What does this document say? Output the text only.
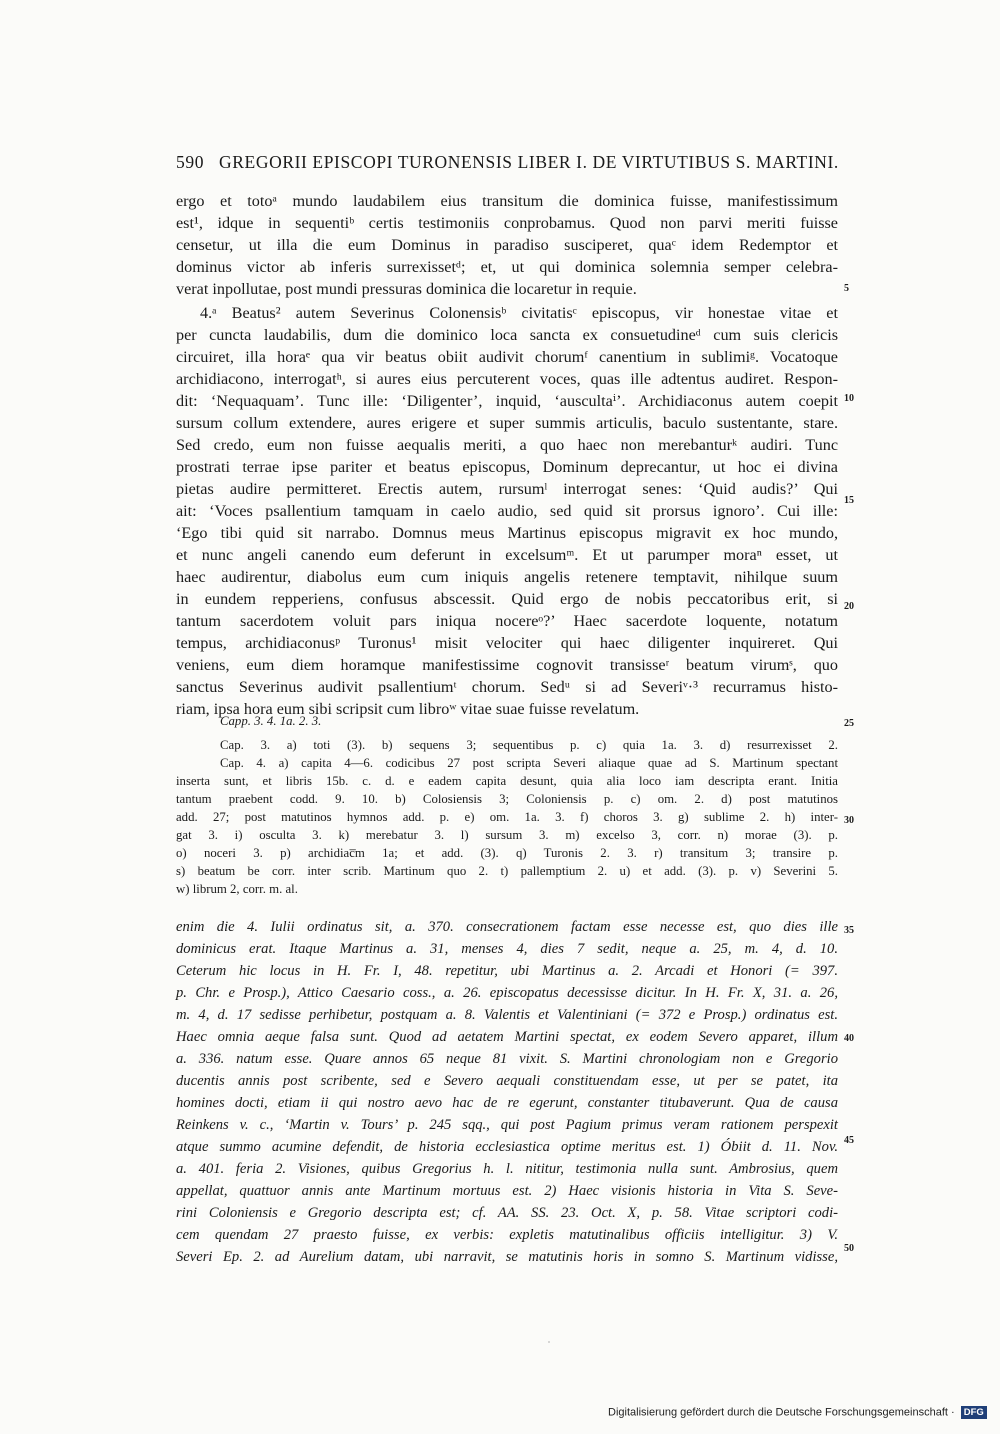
590 GREGORII EPISCOPI TURONENSIS LIBER I. DE VIRTUTIBUS S. MARTINI.
ergo et totoᵃ mundo laudabilem eius transitum die dominica fuisse, manifestissimum
est¹, idque in sequentiᵇ certis testimoniis conprobamus. Quod non parvi meriti fuisse
censetur, ut illa die eum Dominus in paradiso susciperet, quaᶜ idem Redemptor et
dominus victor ab inferis surrexissetᵈ; et, ut qui dominica solemnia semper celebra-
verat inpollutae, post mundi pressuras dominica die locaretur in requie.
4.ᵃ Beatus² autem Severinus Colonensisᵇ civitatisᶜ episcopus, vir honestae vitae et
per cuncta laudabilis, dum die dominico loca sancta ex consuetudineᵈ cum suis clericis
circuiret, illa horaᵉ qua vir beatus obiit audivit chorumᶠ canentium in sublimiᵍ. Vocatoque
archidiacono, interrogatʰ, si aures eius percuterent voces, quas ille adtentus audiret. Respon-
dit: ‘Nequaquam’. Tunc ille: ‘Diligenter’, inquid, ‘auscultaⁱ’. Archidiaconus autem coepit
sursum collum extendere, aures erigere et super summis articulis, baculo sustentante, stare.
Sed credo, eum non fuisse aequalis meriti, a quo haec non merebanturᵏ audiri. Tunc
prostrati terrae ipse pariter et beatus episcopus, Dominum deprecantur, ut hoc ei divina
pietas audire permitteret. Erectis autem, rursumˡ interrogat senes: ‘Quid audis?’ Qui
ait: ‘Voces psallentium tamquam in caelo audio, sed quid sit prorsus ignoro’. Cui ille:
‘Ego tibi quid sit narrabo. Domnus meus Martinus episcopus migravit ex hoc mundo,
et nunc angeli canendo eum deferunt in excelsumᵐ. Et ut parumper moraⁿ esset, ut
haec audirentur, diabolus eum cum iniquis angelis retenere temptavit, nihilque suum
in eundem repperiens, confusus abscessit. Quid ergo de nobis peccatoribus erit, si
tantum sacerdotem voluit pars iniqua nocereᵒ?’ Haec sacerdote loquente, notatum
tempus, archidiaconusᵖ Turonus¹ misit velociter qui haec diligenter inquireret. Qui
veniens, eum diem horamque manifestissime cognovit transisseʳ beatum virumˢ, quo
sanctus Severinus audivit psallentiumᵗ chorum. Sedᵘ si ad Severiᵛ·³ recurramus histo-
riam, ipsa hora eum sibi scripsit cum libroʷ vitae suae fuisse revelatum.
5
10
15
20
Capp. 3. 4. 1a. 2. 3.
Cap. 3. a) toti (3). b) sequens 3; sequentibus p. c) quia 1a. 3. d) resurrexisset 2.
Cap. 4. a) capita 4—6. codicibus 27 post scripta Severi aliaque quae ad S. Martinum spectant
inserta sunt, et libris 15b. c. d. e eadem capita desunt, quia alia loco iam descripta erant. Initia
tantum praebent codd. 9. 10. b) Colosiensis 3; Coloniensis p. c) om. 2. d) post matutinos
add. 27; post matutinos hymnos add. p. e) om. 1a. 3. f) choros 3. g) sublime 2. h) inter-
gat 3. i) osculta 3. k) merebatur 3. l) sursum 3. m) excelso 3, corr. n) morae (3). p.
o) noceri 3. p) archidiac̅m 1a; et add. (3). q) Turonis 2. 3. r) transitum 3; transire p.
s) beatum be corr. inter scrib. Martinum quo 2. t) pallemptium 2. u) et add. (3). p. v) Severini 5.
w) librum 2, corr. m. al.
25
30
enim die 4. Iulii ordinatus sit, a. 370. consecrationem factam esse necesse est, quo dies ille
dominicus erat. Itaque Martinus a. 31, menses 4, dies 7 sedit, neque a. 25, m. 4, d. 10.
Ceterum hic locus in H. Fr. I, 48. repetitur, ubi Martinus a. 2. Arcadi et Honori (= 397.
p. Chr. e Prosp.), Attico Caesario coss., a. 26. episcopatus decessisse dicitur. In H. Fr. X, 31. a. 26,
m. 4, d. 17 sedisse perhibetur, postquam a. 8. Valentis et Valentiniani (= 372 e Prosp.) ordinatus est.
Haec omnia aeque falsa sunt. Quod ad aetatem Martini spectat, ex eodem Severo apparet, illum
a. 336. natum esse. Quare annos 65 neque 81 vixit. S. Martini chronologiam non e Gregorio
ducentis annis post scribente, sed e Severo aequali constituendam esse, ut per se patet, ita
homines docti, etiam ii qui nostro aevo hac de re egerunt, constanter titubaverunt. Qua de causa
Reinkens v. c., ‘Martin v. Tours’ p. 245 sqq., qui post Pagium primus veram rationem perspexit
atque summo acumine defendit, de historia ecclesiastica optime meritus est. 1) Óbiit d. 11. Nov.
a. 401. feria 2. Visiones, quibus Gregorius h. l. nititur, testimonia nulla sunt. Ambrosius, quem
appellat, quattuor annis ante Martinum mortuus est. 2) Haec visionis historia in Vita S. Seve-
rini Coloniensis e Gregorio descripta est; cf. AA. SS. 23. Oct. X, p. 58. Vitae scriptori codi-
cem quendam 27 praesto fuisse, ex verbis: expletis matutinalibus officiis intelligitur. 3) V.
Severi Ep. 2. ad Aurelium datam, ubi narravit, se matutinis horis in somno S. Martinum vidisse,
35
40
45
50
Digitalisierung gefördert durch die Deutsche Forschungsgemeinschaft · DFG
